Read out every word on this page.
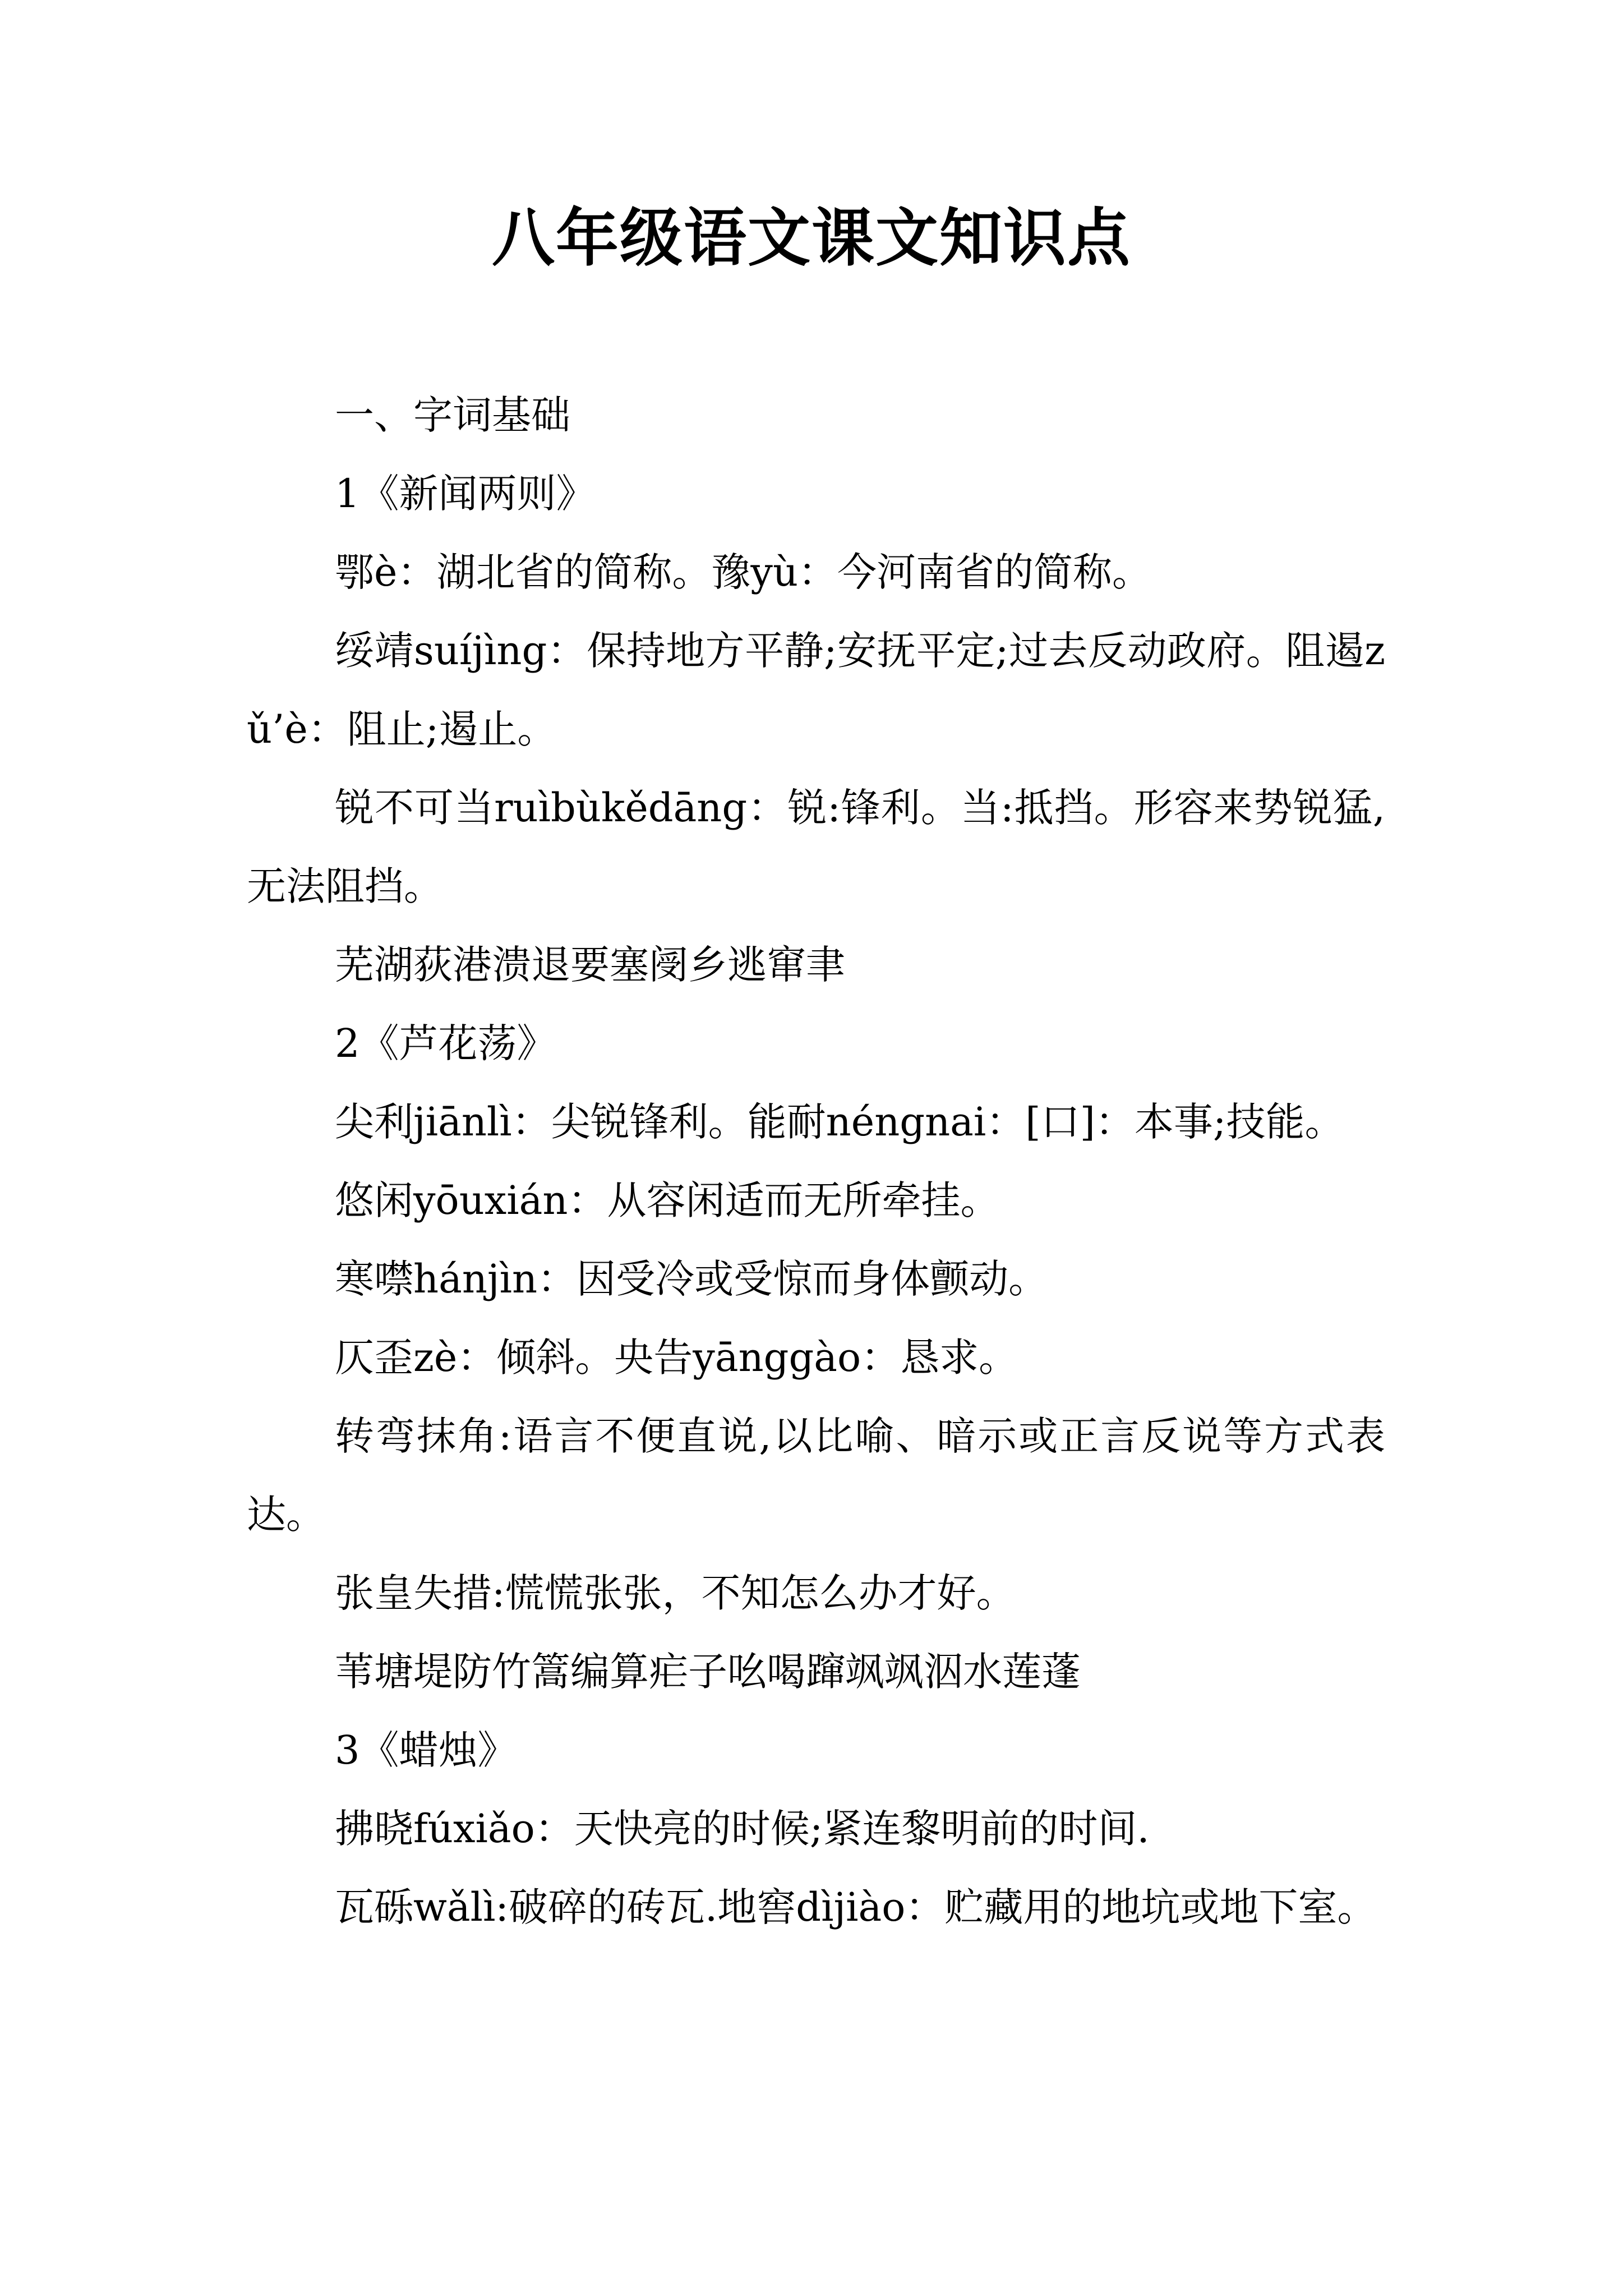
八年级语文课文知识点

一、字词基础

1《新闻两则》

鄂è：湖北省的简称。豫yù：今河南省的简称。

绥靖suíjìng：保持地方平静;安抚平定;过去反动政府。阻遏zǔ’è：阻止;遏止。

锐不可当ruìbùkědāng：锐:锋利。当:抵挡。形容来势锐猛,无法阻挡。

芜湖荻港溃退要塞阌乡逃窜聿

2《芦花荡》

尖利jiānlì：尖锐锋利。能耐néngnai：[口]：本事;技能。

悠闲yōuxián：从容闲适而无所牵挂。

寒噤hánjìn：因受冷或受惊而身体颤动。

仄歪zè：倾斜。央告yānggào：恳求。

转弯抹角:语言不便直说,以比喻、暗示或正言反说等方式表达。

张皇失措:慌慌张张，不知怎么办才好。

苇塘堤防竹篙编算疟子吆喝蹿飒飒泅水莲蓬

3《蜡烛》

拂晓fúxiǎo：天快亮的时候;紧连黎明前的时间.

瓦砾wǎlì:破碎的砖瓦.地窖dìjiào：贮藏用的地坑或地下室。
